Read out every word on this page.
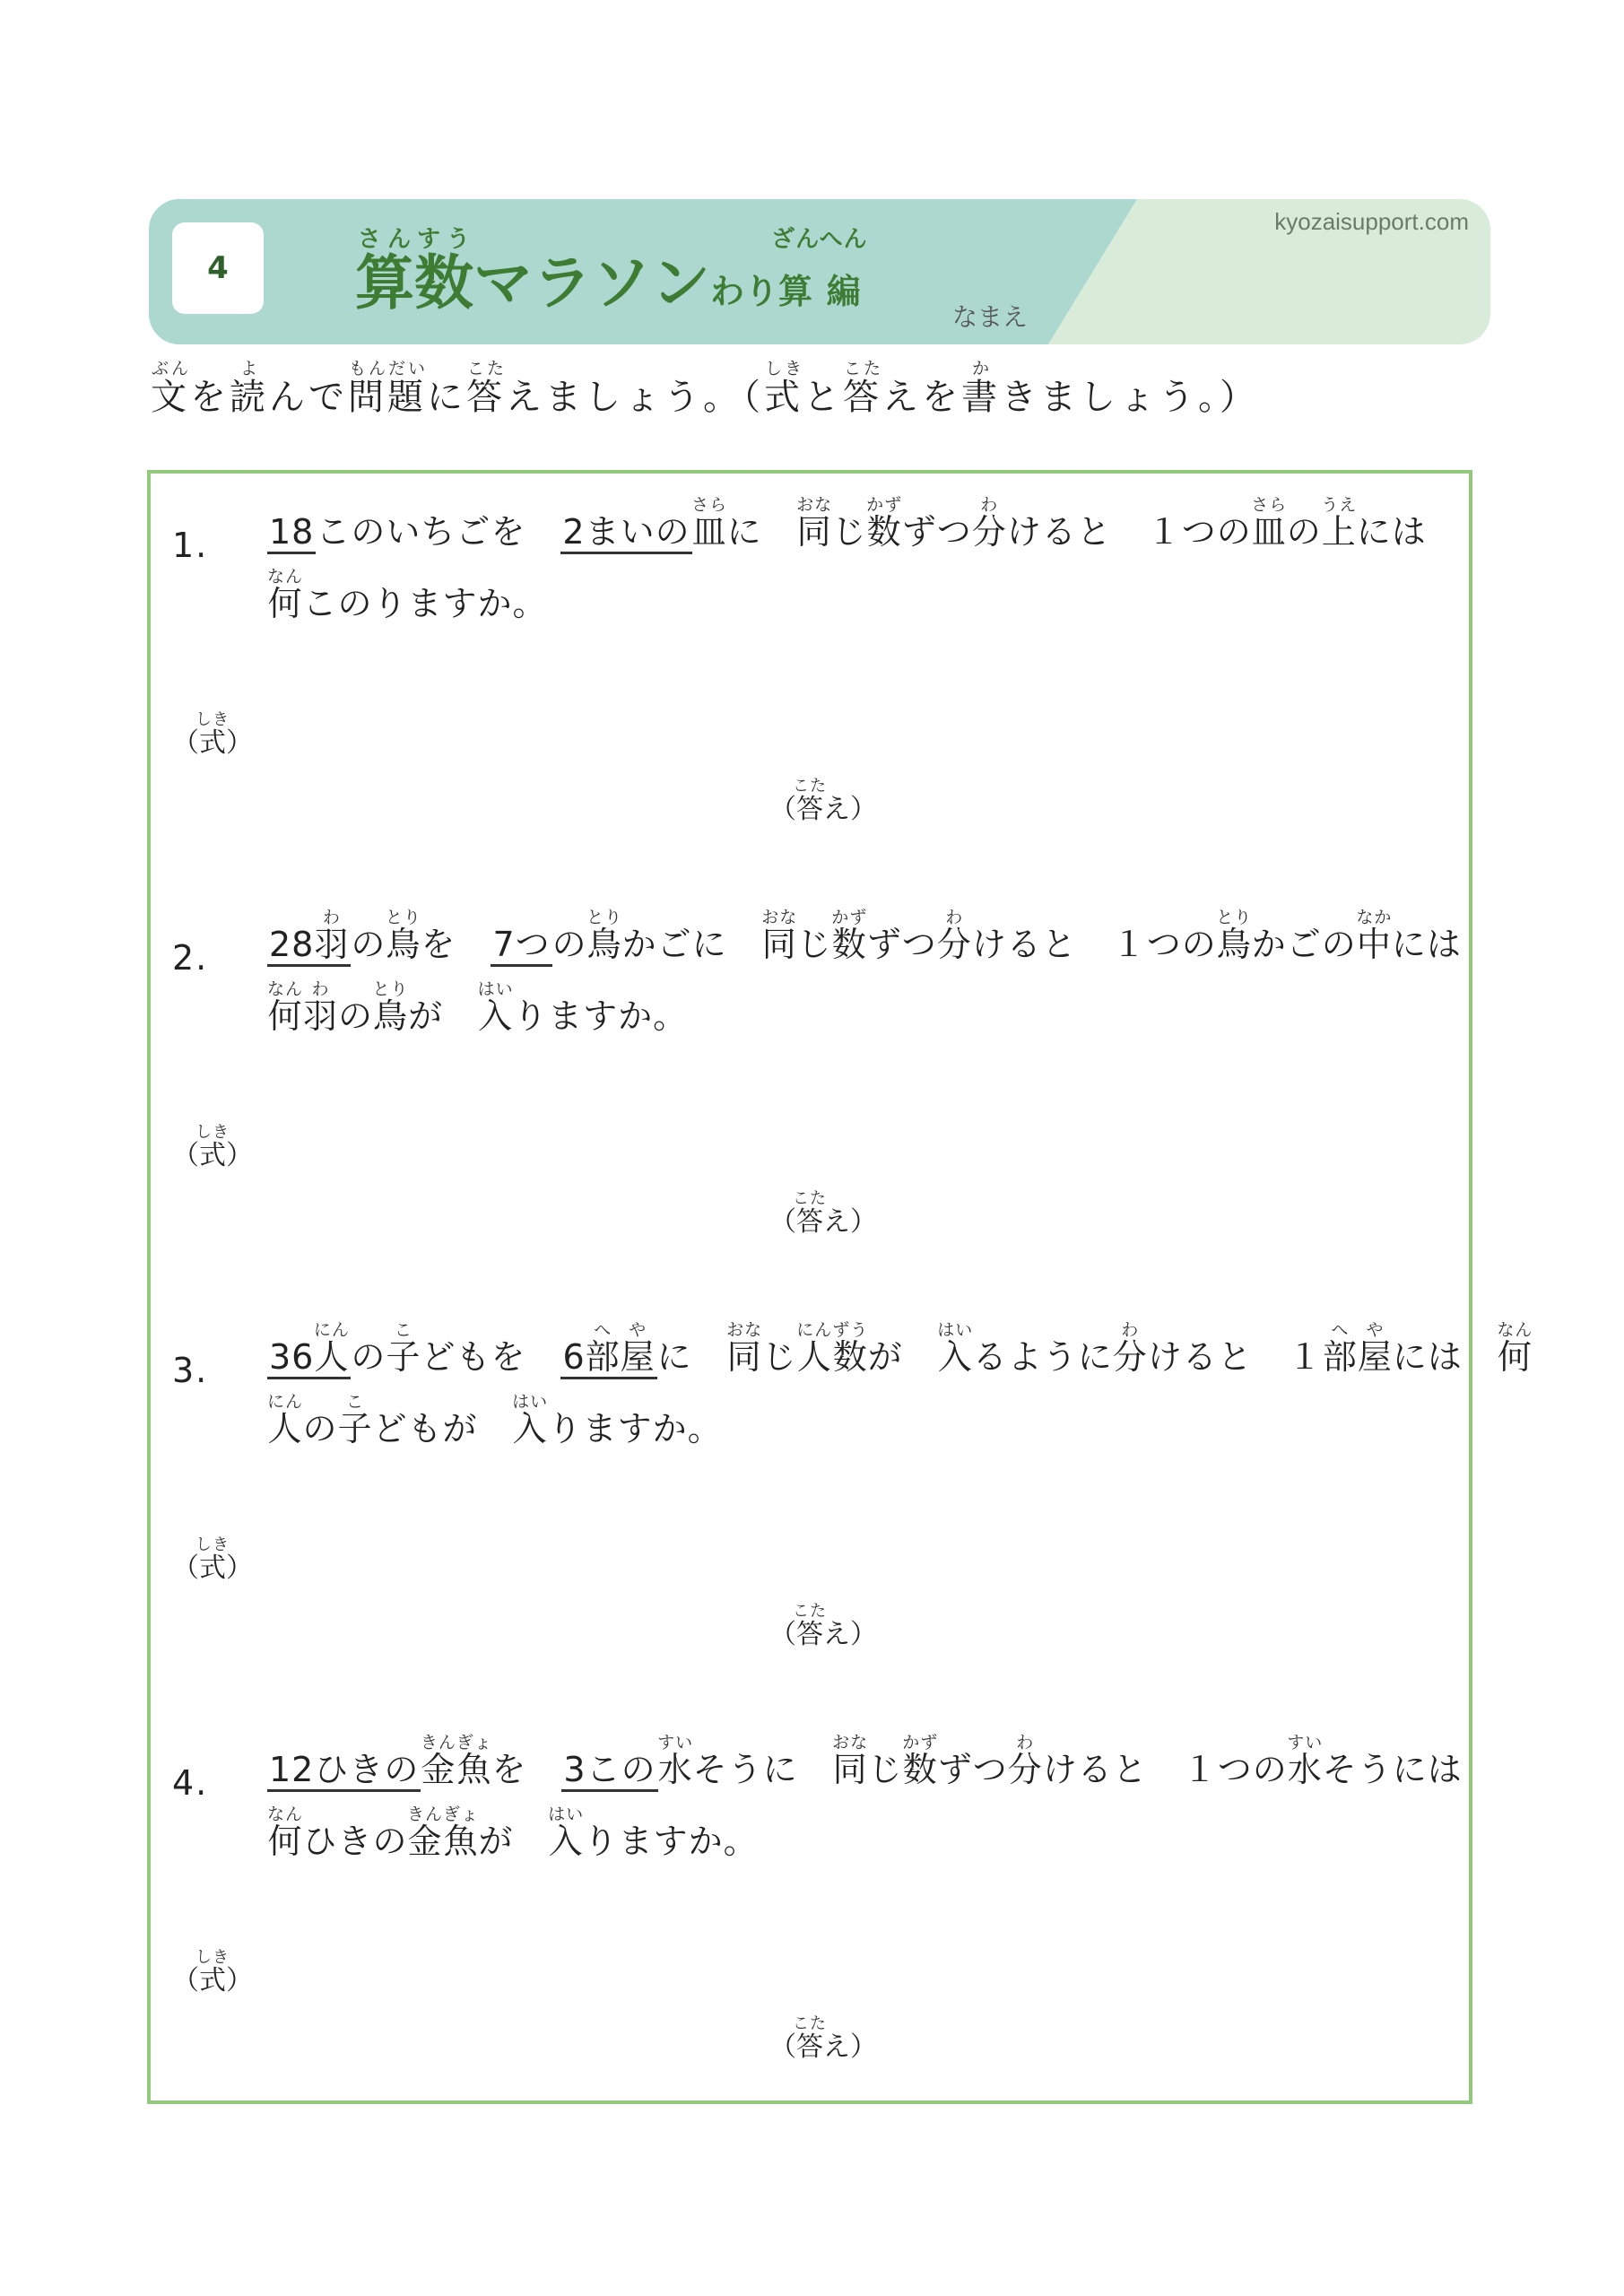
4	算数さんすうマラソンわり算編ざんへん
kyozaisupport.com
なまえ
文ぶんを読よんで問題もんだいに答こたえましょう。（式しきと答こたえを書かきましょう。）
1. 18このいちごを　 2まいの皿さらに　 同おなじ数かずずつ分わけると　１つの皿さらの上うえには
何なんこのりますか。
（式しき）
（答こたえ）
2. 28羽わの鳥とりを　 7つの鳥とりかごに　 同おなじ数かずずつ分わけると　１つの鳥とりかごの中なかには
何なん羽わの鳥とりが　 入はいりますか。
（式しき）
（答こたえ）
3. 36人にんの子こどもを　 6部屋へやに　 同おなじ人数にんずうが　 入はいるように分わけると　１部屋へやには　 何なん
人にんの子こどもが　 入はいりますか。
（式しき）
（答こたえ）
4. 12ひきの金魚きんぎょを　 3この水すいそうに　 同おなじ数かずずつ分わけると　１つの水すいそうには
何なんひきの金魚きんぎょが　 入はいりますか。
（式しき）
（答こたえ）
